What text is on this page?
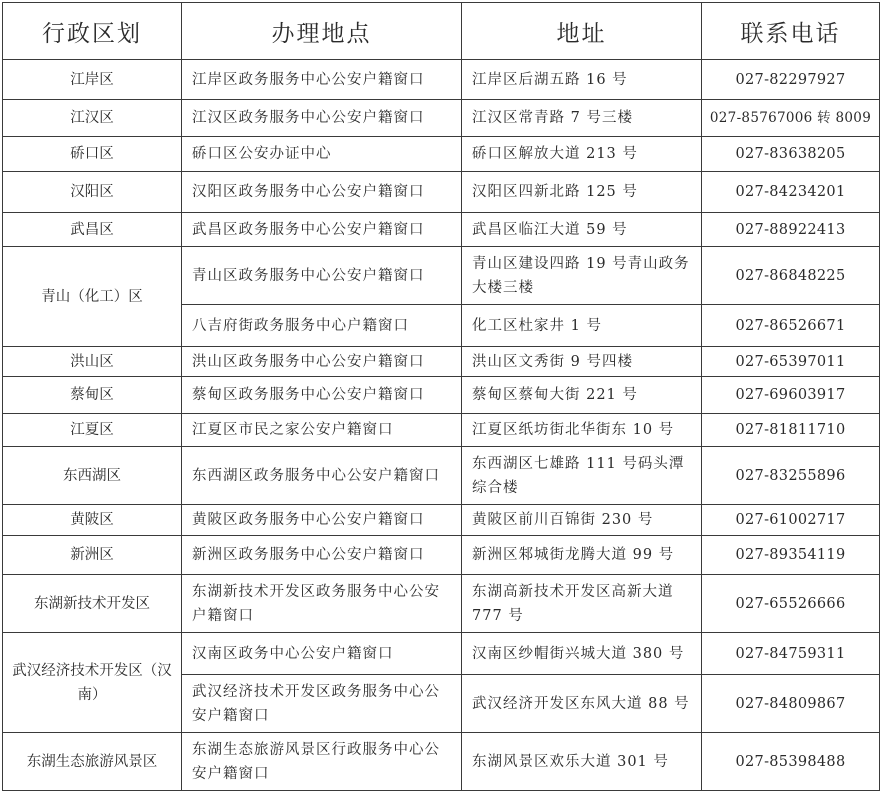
行政区划	办理地点	地址	联系电话
江岸区	江岸区政务服务中心公安户籍窗口	江岸区后湖五路 16 号	027-82297927
江汉区	江汉区政务服务中心公安户籍窗口	江汉区常青路 7 号三楼	027-85767006 转 8009
硚口区	硚口区公安办证中心	硚口区解放大道 213 号	027-83638205
汉阳区	汉阳区政务服务中心公安户籍窗口	汉阳区四新北路 125 号	027-84234201
武昌区	武昌区政务服务中心公安户籍窗口	武昌区临江大道 59 号	027-88922413
青山（化工）区	青山区政务服务中心公安户籍窗口	青山区建设四路 19 号青山政务大楼三楼	027-86848225
	八吉府街政务服务中心户籍窗口	化工区杜家井 1 号	027-86526671
洪山区	洪山区政务服务中心公安户籍窗口	洪山区文秀街 9 号四楼	027-65397011
蔡甸区	蔡甸区政务服务中心公安户籍窗口	蔡甸区蔡甸大街 221 号	027-69603917
江夏区	江夏区市民之家公安户籍窗口	江夏区纸坊街北华街东 10 号	027-81811710
东西湖区	东西湖区政务服务中心公安户籍窗口	东西湖区七雄路 111 号码头潭综合楼	027-83255896
黄陂区	黄陂区政务服务中心公安户籍窗口	黄陂区前川百锦街 230 号	027-61002717
新洲区	新洲区政务服务中心公安户籍窗口	新洲区邾城街龙腾大道 99 号	027-89354119
东湖新技术开发区	东湖新技术开发区政务服务中心公安户籍窗口	东湖高新技术开发区高新大道 777 号	027-65526666
武汉经济技术开发区（汉南）	汉南区政务中心公安户籍窗口	汉南区纱帽街兴城大道 380 号	027-84759311
	武汉经济技术开发区政务服务中心公安户籍窗口	武汉经济开发区东风大道 88 号	027-84809867
东湖生态旅游风景区	东湖生态旅游风景区行政服务中心公安户籍窗口	东湖风景区欢乐大道 301 号	027-85398488
